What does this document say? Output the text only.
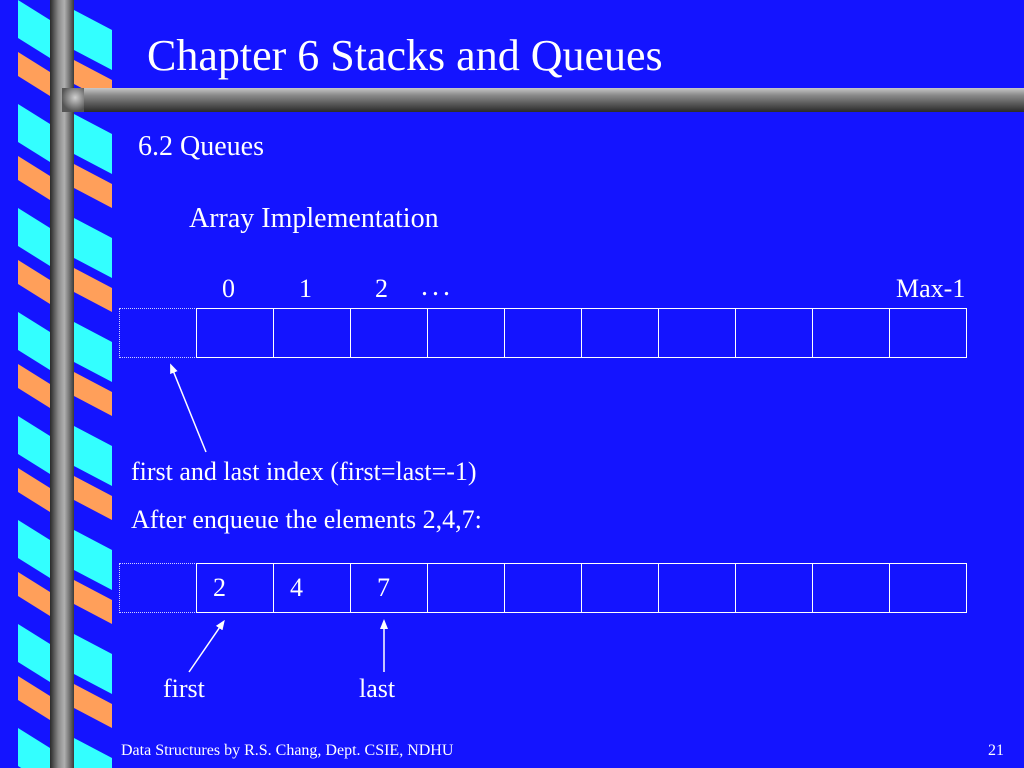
Chapter 6 Stacks and Queues
6.2 Queues
Array Implementation
0 1 2 ...	Max-1
first and last index (first=last=-1)
After enqueue the elements 2,4,7:
2 4	7
first	last
Data Structures by R.S. Chang, Dept. CSIE, NDHU	21
